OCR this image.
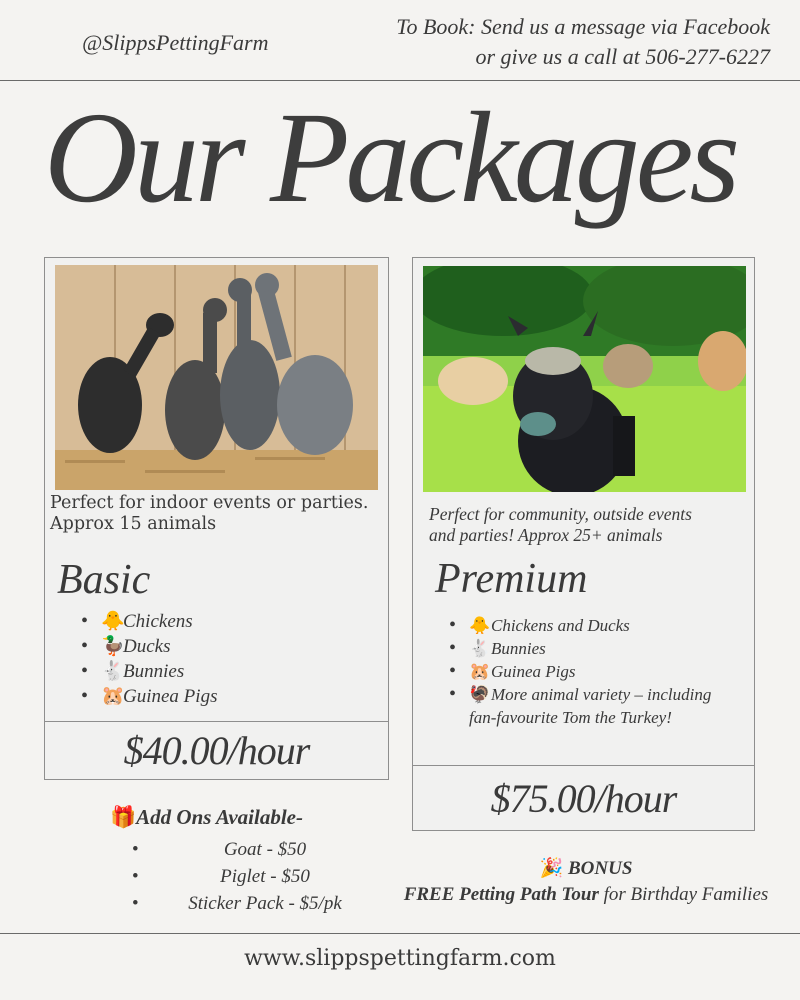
@SlippsPettingFarm
To Book: Send us a message via Facebook
or give us a call at 506-277-6227
Our Packages
Perfect for indoor events or parties.
Approx 15 animals
Basic
• 🐥Chickens
• 🦆Ducks
• 🐇Bunnies
• 🐹Guinea Pigs
$40.00/hour
Perfect for community, outside events
and parties! Approx 25+ animals
Premium
• 🐥Chickens and Ducks
• 🐇Bunnies
• 🐹Guinea Pigs
• 🦃More animal variety – including fan-favourite Tom the Turkey!
$75.00/hour
🎁Add Ons Available-
• Goat - $50
• Piglet - $50
• Sticker Pack - $5/pk
🎉 BONUS
FREE Petting Path Tour for Birthday Families
www.slippspettingfarm.com
